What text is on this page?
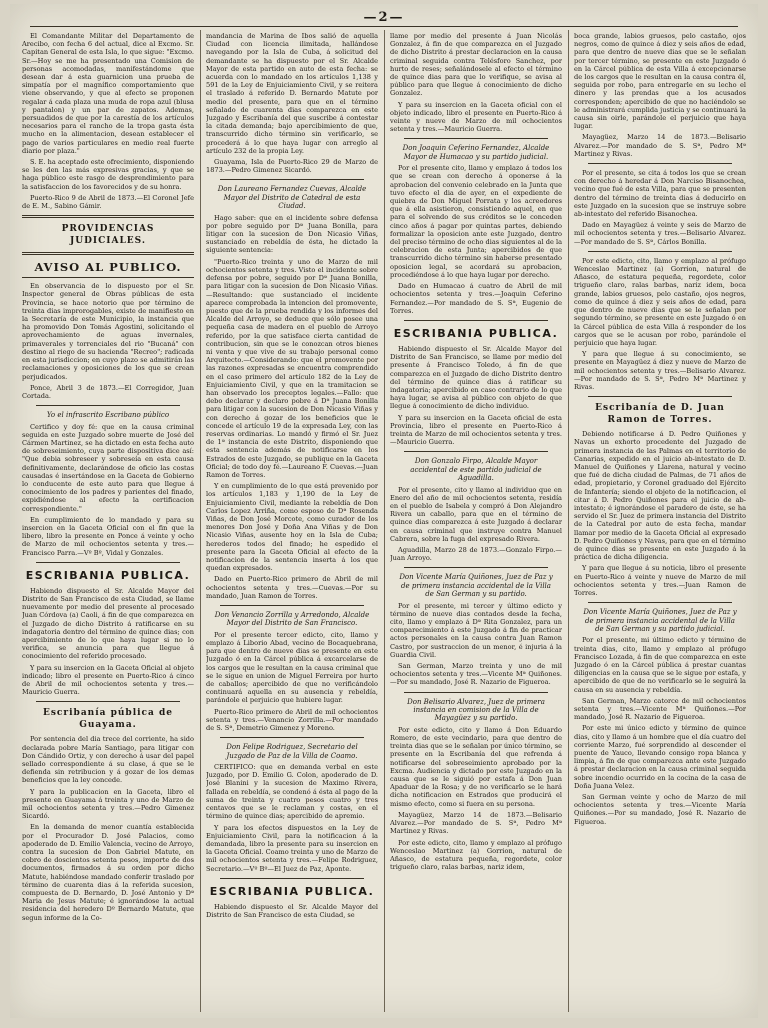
—2—

El Comandante Militar del Departamento de Arecibo, con fecha 6 del actual, dice al Excmo. Sr. Capitan General de esta Isla, lo que sigue: "Excmo. Sr.—Hoy se me ha presentado una Comision de personas acomodadas, manifestándome que desean dar á esta guarnicion una prueba de simpatía por el magnífico comportamiento que viene observando, y que al efecto se proponen regalar á cada plaza una muda de ropa azul (blusa y pantalon) y un par de zapatos. Ademas, persuadidos de que por la carestía de los artículos necesarios para el rancho de la tropa gasta ésta mucho en la alimentacion, desean establecer el pago de varios particulares en medio real fuerte diario por plaza."

S. E. ha aceptado este ofrecimiento, disponiendo se les den las más expresivas gracias, y que se haga público este rasgo de desprendimiento para la satisfaccion de los favorecidos y de su honra.

Puerto-Rico 9 de Abril de 1873.—El Coronel Jefe de E. M., Sabino Gámir.

PROVIDENCIAS JUDICIALES.
AVISO AL PUBLICO.

En observancia de lo dispuesto por el Sr. Inspector general de Obras públicas de esta Provincia, se hace notorio que por término de treinta dias improrogables, existe de manifiesto en la Secretaría de este Municipio, la instancia que ha promovido Don Tomás Agostini, solicitando el aprovechamiento de aguas invernales, primaverales y torrenciales del rio "Bucaná" con destino al riego de su hacienda "Recreo"; radicada en esta jurisdiccion; en cuyo plazo se admitirán las reclamaciones y oposiciones de los que se crean perjudicados.

Ponce, Abril 3 de 1873.—El Corregidor, Juan Cortada.

Yo el infrascrito Escribano público

Certifico y doy fé: que en la causa criminal seguida en este Juzgado sobre muerte de José del Cármen Martinez, se ha dictado en esta fecha auto de sobreseimiento, cuya parte dispositiva dice así: "Que debia sobreseer y sobreseía en esta causa definitivamente, declarándose de oficio las costas causadas é insertándose en la Gaceta de Gobierno lo conducente de este auto para que llegue á conocimiento de los padres y parientes del finado, expidiéndose al efecto la certificacion correspondiente."

En cumplimiento de lo mandado y para su insercion en la Gaceta Oficial con el fin que la libero, libro la presente en Ponce á veinte y ocho de Marzo de mil ochocientos setenta y tres.—Francisco Parra.—Vº Bº, Vidal y Gonzales.

ESCRIBANIA PUBLICA.

Habiendo dispuesto el Sr. Alcalde Mayor del Distrito de San Francisco de esta Ciudad, se llame nuevamente por medio del presente al procesado Juan Córdova (a) Caoli, á fin de que comparezca en el Juzgado de dicho Distrito á ratificarse en su indagatoria dentro del término de quince dias; con apercibimiento de lo que haya lugar si no lo verifica, se anuncia para que llegue á conocimiento del referido procesado.

Y para su insercion en la Gaceta Oficial al objeto indicado; libro el presente en Puerto-Rico á cinco de Abril de mil ochocientos setenta y tres.—Mauricio Guerra.

Escribanía pública de Guayama.

Por sentencia del dia trece del corriente, ha sido declarada pobre María Santiago, para litigar con Don Cándido Ortiz, y con derecho á usar del papel sellado correspondiente á su clase, á que se le defienda sin retribucion y á gozar de los demas beneficios que la ley concede.

Y para la publicacion en la Gaceta, libro el presente en Guayama á treinta y uno de Marzo de mil ochocientos setenta y tres.—Pedro Gimenez Sicardó.

En la demanda de menor cuantía establecida por el Procurador D. José Palacios, como apoderado de D. Emilio Valencia, vecino de Arroyo, contra la sucesion de Don Gabriel Matute, en cobro de doscientos setenta pesos, importe de dos documentos, firmados á su orden por dicho Matute, habiéndose mandado conferir traslado por término de cuarenta dias á la referida sucesion, compuesta de D. Bernardo, D. José Antonio y Dª Maria de Jesus Matute; é ignorándose la actual residencia del heredero Dº Bernardo Matute, que segun informe de la Co-

mandancia de Marina de Ibos salió de aquella Ciudad con licencia ilimitada, hallándose navegando por la Isla de Cuba, á solicitud del demandante se ha dispuesto por el Sr. Alcalde Mayor de esta partido en auto de esta fecha: se acuerda con lo mandado en los artículos 1,138 y 591 de la Ley de Enjuiciamiento Civil, y se reitera el traslado á referido D. Bernardo Matute por medio del presente, para que en el término señalado de cuarenta dias comparezca en este Juzgado y Escribanía del que suscribe á contestar la citada demanda; bajo apercibimiento de que, transcurrido dicho término sin verificarlo, se procederá á lo que haya lugar con arreglo al artículo 232 de la propia Ley.

Guayama, Isla de Puerto-Rico 29 de Marzo de 1873.—Pedro Gimenez Sicardó.

Don Laureano Fernandez Cuevas, Alcalde Mayor del Distrito de Catedral de esta Ciudad.

Hago saber: que en el incidente sobre defensa por pobre seguido por Dª Juana Bonilla, para litigar con la sucesion de Don Nicasio Viñas, sustanciado en rebeldía de ésta, he dictado la siguiente sentencia:

"Puerto-Rico treinta y uno de Marzo de mil ochocientos setenta y tres. Visto el incidente sobre defensa por pobre, seguido por Dª Juana Bonilla, para litigar con la sucesion de Don Nicasio Viñas.—Resultando: que sustanciado el incidente aparece comprobada la intencion del promovente, puesto que de la prueba rendida y los informes del Alcalde del Arroyo, se deduce que sólo posee una pequeña casa de madera en el pueblo de Arroyo referido, por la que satisface cierta cantidad de contribucion, sin que se le conozcan otros bienes ni venta y que vive de su trabajo personal como Arquitecto.—Considerando: que el promovente por las razones expresadas se encuentra comprendido en el caso primero del artículo 182 de la Ley de Enjuiciamiento Civil, y que en la tramitacion se han observado los preceptos legales.—Fallo: que debo declarar y declaro pobre á Dª Juana Bonilla para litigar con la sucesion de Don Nicasio Viñas y con derecho á gozar de los beneficios que le concede el artículo 19 de la expresada Ley, con las reservas ordinarias. Lo mandó y firmó el Sr. Juez de 1ª instancia de este Distrito, disponiendo que esta sentencia además de notificarse en los Estrados de este Juzgado, se publique en la Gaceta Oficial; de todo doy fé.—Laureano F. Cuevas.—Juan Ramon de Torres.

Y en cumplimiento de lo que está prevenido por los artículos 1,183 y 1,190 de la Ley de Enjuiciamiento Civil, mediante la rebeldía de Don Carlos Lopez Arriña, como esposo de Dª Rosenda Viñas, de Don José Morcote, como curador de los menores Don José y Doña Ana Viñas y de Don Nicasio Viñas, ausente hoy en la Isla de Cuba; herederos todos del finado; he espedido el presente para la Gaceta Oficial al efecto de la notificacion de la sentencia inserta á los que quedan expresados.

Dado en Puerto-Rico primero de Abril de mil ochocientos setenta y tres.—Cuevas.—Por su mandado, Juan Ramon de Torres.

Don Venancio Zorrilla y Arredondo, Alcalde Mayor del Distrito de San Francisco.

Por el presente tercer edicto, cito, llamo y emplazo á Liborio Abad, vecino de Bocaquebrana, para que dentro de nueve dias se presente en este Juzgado ó en la Cárcel pública á excarcelarse de los cargos que le resultan en la causa criminal que se le sigue en union de Miguel Ferreira por hurto de caballos; apercibido de que no verificándolo continuará aquella en su ausencia y rebeldía, parándole el perjuicio que hubiere lugar.

Puerto-Rico primero de Abril de mil ochocientos setenta y tres.—Venancio Zorrilla.—Por mandado de S. Sª, Demetrio Gimenez y Moreno.

Don Felipe Rodriguez, Secretario del Juzgado de Paz de la Villa de Coamo.

CERTIFICO: que en demanda verbal en este Juzgado, por D. Emilio G. Colon, apoderado de D. José Blanini y la sucesion de Maximo Rivera, fallada en rebeldía, se condenó á ésta al pago de la suma de treinta y cuatro pesos cuatro y tres centavos que se le reclaman y costas, en el término de quince dias; apercibido de apremio.

Y para los efectos dispuestos en la Ley de Enjuiciamiento Civil, para la notificacion á la demandada, libro la presente para su insercion en la Gaceta Oficial. Coamo treinta y uno de Marzo de mil ochocientos setenta y tres.—Felipe Rodriguez, Secretario.—Vº Bº—El Juez de Paz, Aponte.

ESCRIBANIA PUBLICA.

Habiendo dispuesto el Sr. Alcalde Mayor del Distrito de San Francisco de esta Ciudad, se

llame por medio del presente á Juan Nicolás Gonzalez, á fin de que comparezca en el Juzgado de dicho Distrito á prestar declaracion en la causa criminal seguida contra Telésforo Sanchez, por hurto de reses; señalándosele al efecto el término de quince dias para que lo verifique, se avisa al público para que llegue á conocimiento de dicho Gonzalez.

Y para su insercion en la Gaceta oficial con el objeto indicado, libro el presente en Puerto-Rico á veinte y nueve de Marzo de mil ochocientos setenta y tres.—Mauricio Guerra.

Don Joaquin Ceferino Fernandez, Alcalde Mayor de Humacao y su partido judicial.

Por el presente cito, llamo y emplazo á todos los que se crean con derecho á oponerse á la aprobacion del convenio celebrado en la Junta que tuvo efecto el dia de ayer, en el expediente de quiebra de Don Miguel Porrata y los acreedores que á ella asistieron, consistiendo aquel, en que para el solvendo de sus créditos se le conceden cinco años á pagar por quintas partes, debiendo formalizar la oposicion ante este Juzgado, dentro del preciso término de ocho dias siguientes al de la celebracion de esta Junta; apercibidos de que transcurrido dicho término sin haberse presentado oposicion legal, se acordará su aprobacion, procediéndose á lo que haya lugar por derecho.

Dado en Humacao á cuatro de Abril de mil ochocientos setenta y tres.—Joaquin Ceferino Fernandez.—Por mandado de S. Sª, Eugenio de Torres.

ESCRIBANIA PUBLICA.

Habiendo dispuesto el Sr. Alcalde Mayor del Distrito de San Francisco, se llame por medio del presente á Francisco Toledo, á fin de que comparezca en el Juzgado de dicho Distrito dentro del término de quince dias á ratificar su indagatoria; apercibido en caso contrario de lo que haya lugar, se avisa al público con objeto de que llegue á conocimiento de dicho individuo.

Y para su insercion en la Gaceta oficial de esta Provincia, libro el presente en Puerto-Rico á treinta de Marzo de mil ochocientos setenta y tres.—Mauricio Guerra.

Don Gonzalo Firpo, Alcalde Mayor accidental de este partido judicial de Aguadilla.

Por el presente, cito y llamo al individuo que en Enero del año de mil ochocientos setenta, residía en el pueblo de Isabela y compró á Don Alejandro Rivera un caballo, para que en el término de quince dias comparezca á este Juzgado á declarar en causa criminal que instruye contra Manuel Cabrera, sobre la fuga del expresado Rivera.

Aguadilla, Marzo 28 de 1873.—Gonzalo Firpo.—Juan Arroyo.

Don Vicente María Quiñones, Juez de Paz y de primera instancia accidental de la Villa de San German y su partido.

Por el presente, mi tercer y último edicto y término de nueve dias contados desde la fecha, cito, llamo y emplazo á Dª Rita Gonzalez, para un comparecimiento á este Juzgado á fin de practicar actos personales en la causa contra Juan Ramon Castro, por sustraccion de un menor, é injuria á la Guardia Civil.

San German, Marzo treinta y uno de mil ochocientos setenta y tres.—Vicente Mª Quiñones.—Por su mandado, José R. Nazario de Figueroa.

Don Belisario Alvarez, Juez de primera instancia en comision de la Villa de Mayagüez y su partido.

Por este edicto, cito y llamo á Don Eduardo Romero, de este vecindario, para que dentro de treinta dias que se le señalan por único término, se presente en la Escribanía del que refrenda á notificarse del sobreseimiento aprobado por la Excma. Audiencia y dictado por este Juzgado en la causa que se le siguió por estafa á Don Juan Apaduar de la Rosa; y de no verificarlo se le hará dicha notificacion en Estrados que producirá el mismo efecto, como si fuera en su persona.

Mayagüez, Marzo 14 de 1873.—Belisario Alvarez.—Por mandado de S. Sª, Pedro Mª Martinez y Rivas.

Por este edicto, cito, llamo y emplazo al prófugo Wenceslao Martinez (a) Gorrion, natural de Añasco, de estatura pequeña, regordete, color trigueño claro, ralas barbas, nariz idem,

boca grande, labios gruesos, pelo castaño, ojos negros, como de quince á diez y seis años de edad, para que dentro de nueve dias que se le señalan por tercer término, se presente en este Juzgado ó en la Cárcel pública de esta Villa á excepcionarse de los cargos que le resultan en la causa contra él, seguida por robo, para entregarle en su lecho el dinero y las prendas que a los acusados corresponden; apercibido de que no haciéndolo se le administrará cumplida justicia y se continuará la causa sin oirle, parándole el perjuicio que haya lugar.

Mayagüez, Marzo 14 de 1873.—Belisario Alvarez.—Por mandado de S. Sª, Pedro Mª Martinez y Rivas.

Por el presente, se cita á todos los que se crean con derecho á heredar á Don Narciso Bisanochea, vecino que fué de esta Villa, para que se presenten dentro del término de treinta dias á deducirlo en este Juzgado en la sucesion que se instruye sobre ab-intestato del referido Bisanochea.

Dado en Mayagüez á veinte y seis de Marzo de mil ochocientos setenta y tres.—Belisario Alvarez.—Por mandado de S. Sª, Cárlos Bonilla.

Por este edicto, cito, llamo y emplazo al prófugo Wenceslao Martinez (a) Gorrion, natural de Añasco, de estatura pequeña, regordete, color trigueño claro, ralas barbas, nariz idem, boca grande, labios gruesos, pelo castaño, ojos negros, como de quince á diez y seis años de edad, para que dentro de nueve dias que se le señalan por segundo término, se presente en este Juzgado ó en la Cárcel pública de esta Villa á responder de los cargos que se le acusan por robo, parándole el perjuicio que haya lugar.

Y para que llegue á su conocimiento, se presente en Mayagüez á diez y nueve de Marzo de mil ochocientos setenta y tres.—Belisario Alvarez.—Por mandado de S. Sª, Pedro Mª Martinez y Rivas.

Escribanía de D. Juan Ramon de Torres.

Debiendo notificarse á D. Pedro Quiñones y Navas un exhorto procedente del Juzgado de primera instancia de las Palmas en el territorio de Canarias, expedido en el juicio ab-intestato de D. Manuel de Quiñones y Llarena, natural y vecino que fué de dicha ciudad de Palmas, de 71 años de edad, propietario, y Coronel graduado del Ejército de Infantería; siendo el objeto de la notificacion, el citar á D. Pedro Quiñones para el juicio de ab-intestato; é ignorándose el paradero de éste, se ha servido el Sr. Juez de primera instancia del Distrito de la Catedral por auto de esta fecha, mandar llamar por medio de la Gaceta Oficial al expresado D. Pedro Quiñones y Navas, para que en el término de quince dias se presente en este Juzgado á la práctica de dicha diligencia.

Y para que llegue á su noticia, libro el presente en Puerto-Rico á veinte y nueve de Marzo de mil ochocientos setenta y tres.—Juan Ramon de Torres.

Don Vicente María Quiñones, Juez de Paz y de primera instancia accidental de la Villa de San German y su partido judicial.

Por el presente, mi último edicto y término de treinta dias, cito, llamo y emplazo al prófugo Francisco Lozada, á fin de que comparezca en este Juzgado ó en la Cárcel pública á prestar cuantas diligencias en la causa que se le sigue por estafa, y apercibido de que de no verificarlo se le seguirá la causa en su ausencia y rebeldía.

San German, Marzo catorce de mil ochocientos setenta y tres.—Vicente Mª Quiñones.—Por mandado, José R. Nazario de Figueroa.

Por este mi único edicto y término de quince dias, cito y llamo á un hombre que el día cuatro del corriente Marzo, fué sorprendido al descender el puente de Yauco, llevando consigo ropa blanca y limpia, á fin de que comparezca ante este Juzgado á prestar declaracion en la causa criminal seguida sobre incendio ocurrido en la cocina de la casa de Doña Juana Velez.

San German veinte y ocho de Marzo de mil ochocientos setenta y tres.—Vicente María Quiñones.—Por su mandado, José R. Nazario de Figueroa.
